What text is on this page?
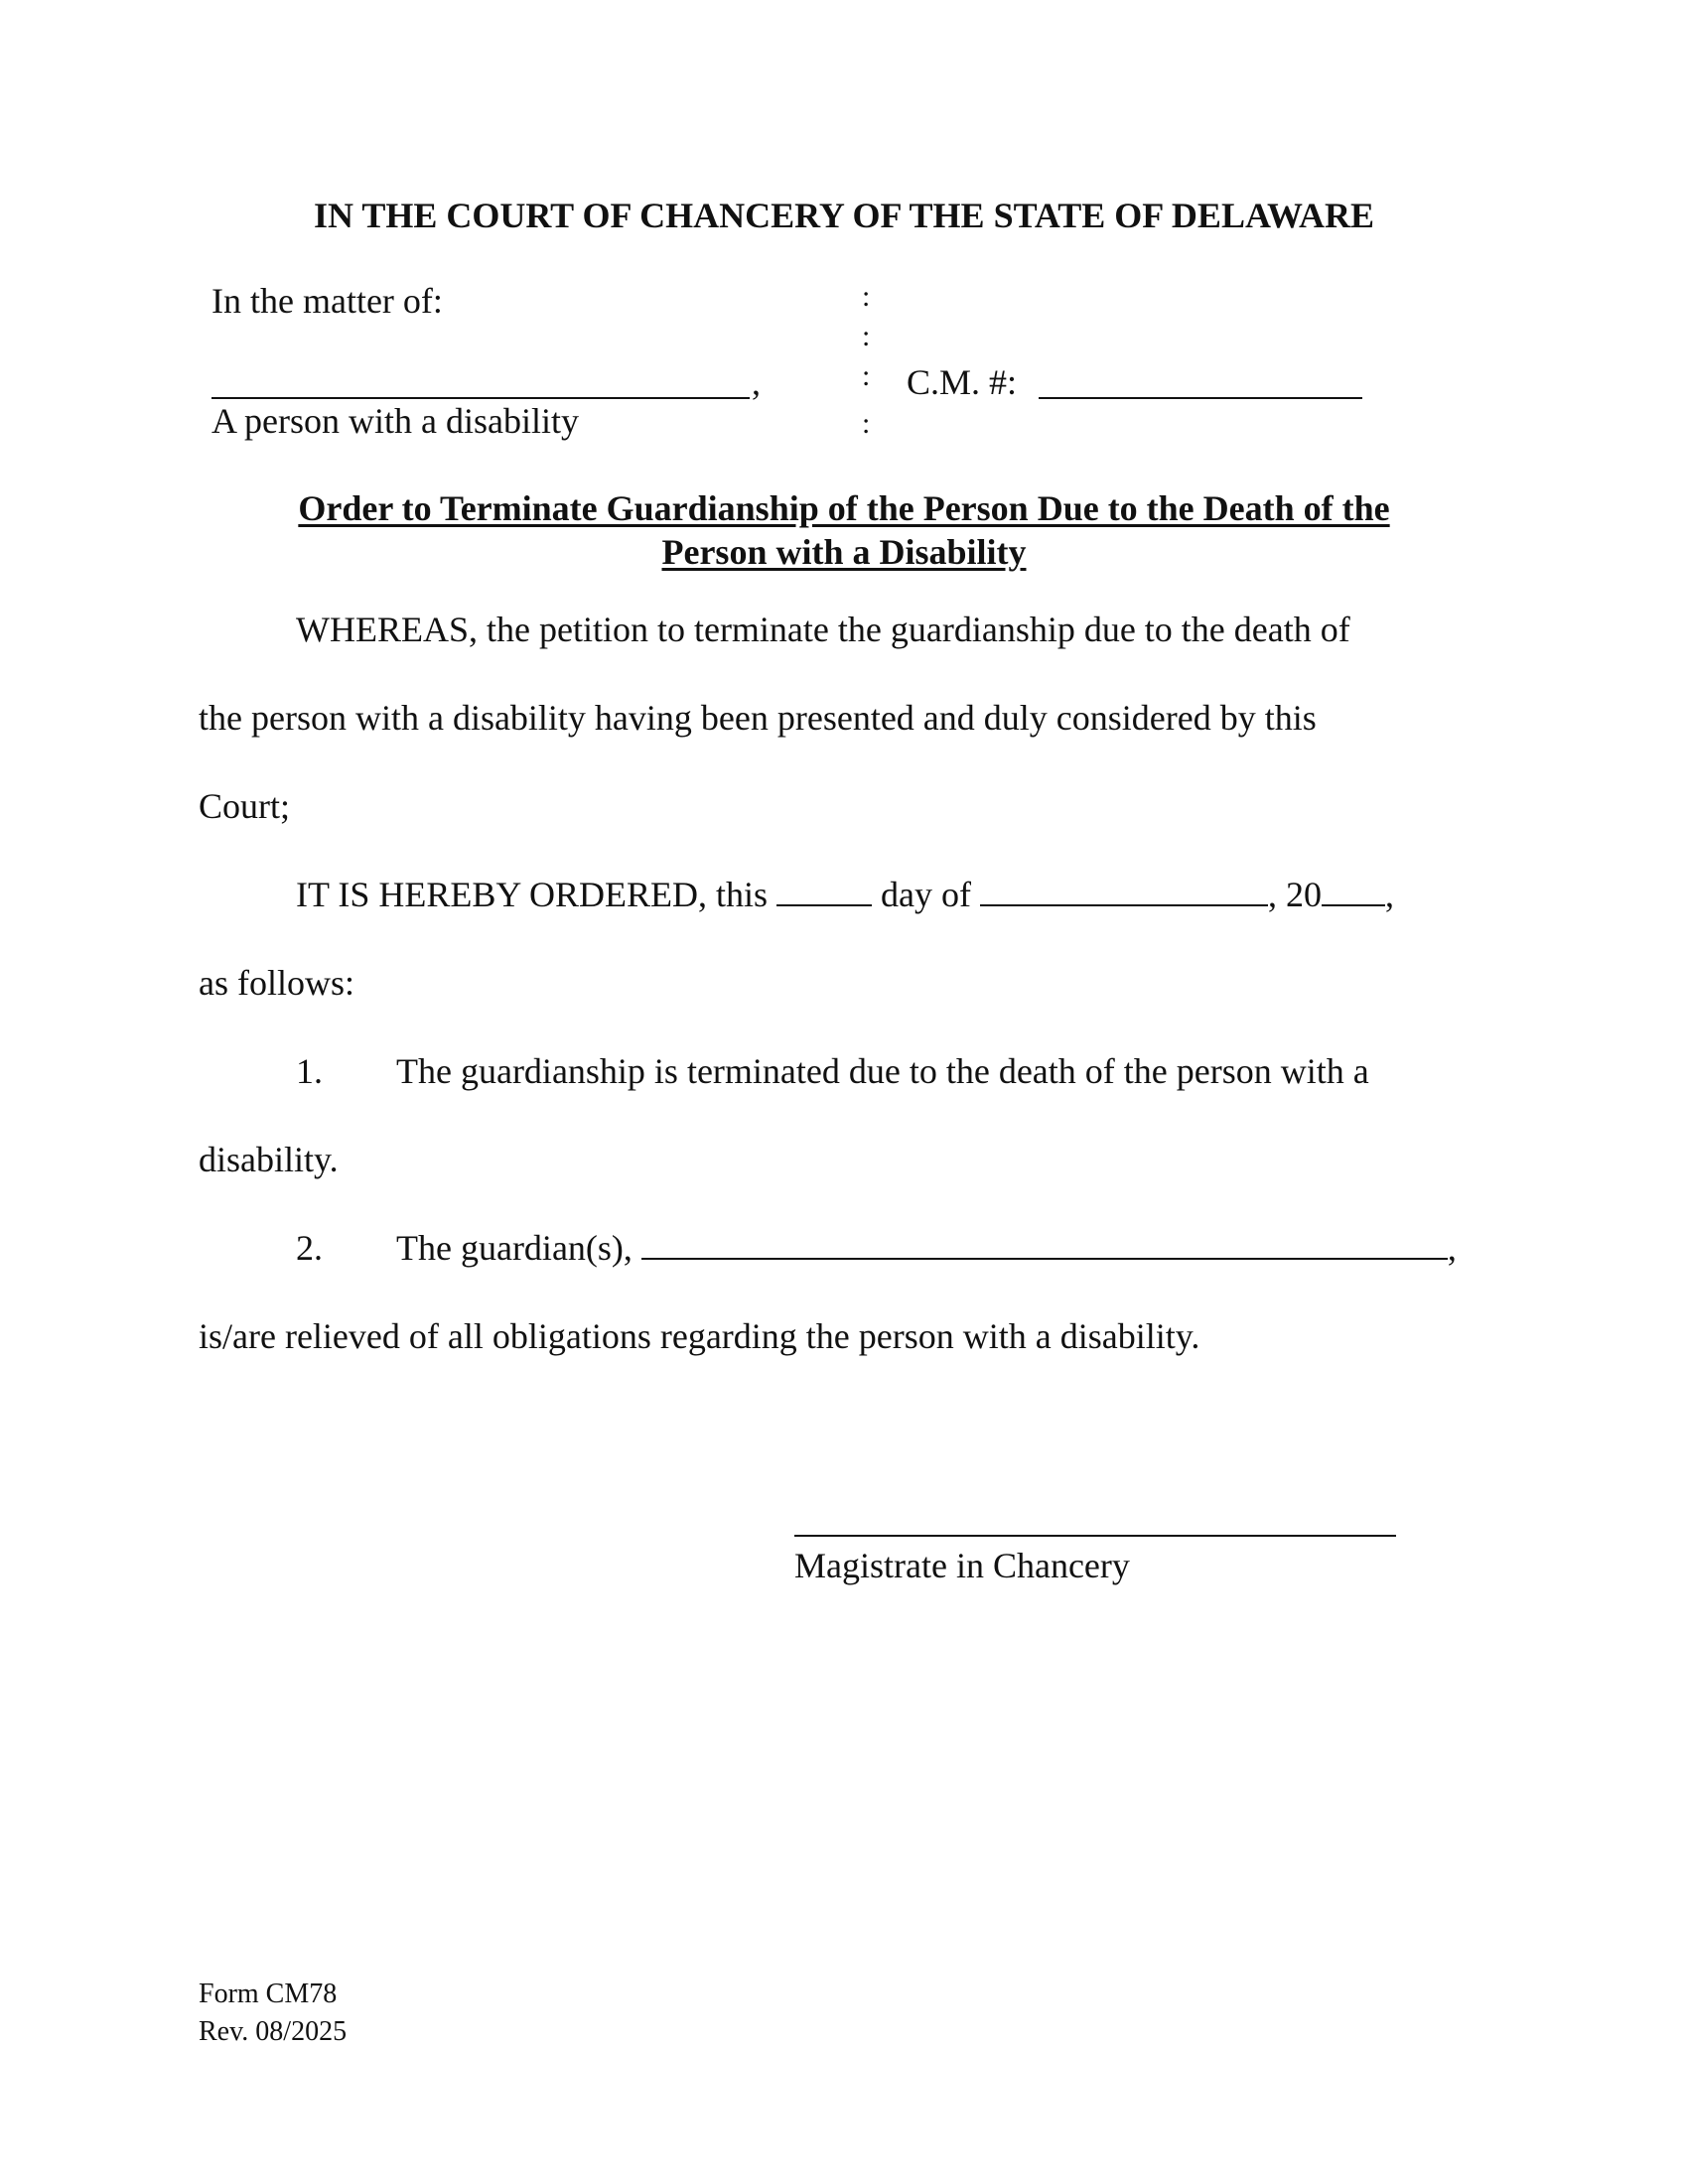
IN THE COURT OF CHANCERY OF THE STATE OF DELAWARE
In the matter of:
,
A person with a disability
:
:
:
:
C.M. #:
Order to Terminate Guardianship of the Person Due to the Death of the
Person with a Disability
WHEREAS, the petition to terminate the guardianship due to the death of
the person with a disability having been presented and duly considered by this
Court;
IT IS HEREBY ORDERED, this	day of	, 20 ,
as follows:
1. The guardianship is terminated due to the death of the person with a
disability.
2. The guardian(s),	,
is/are relieved of all obligations regarding the person with a disability.
Magistrate in Chancery
Form CM78
Rev. 08/2025
